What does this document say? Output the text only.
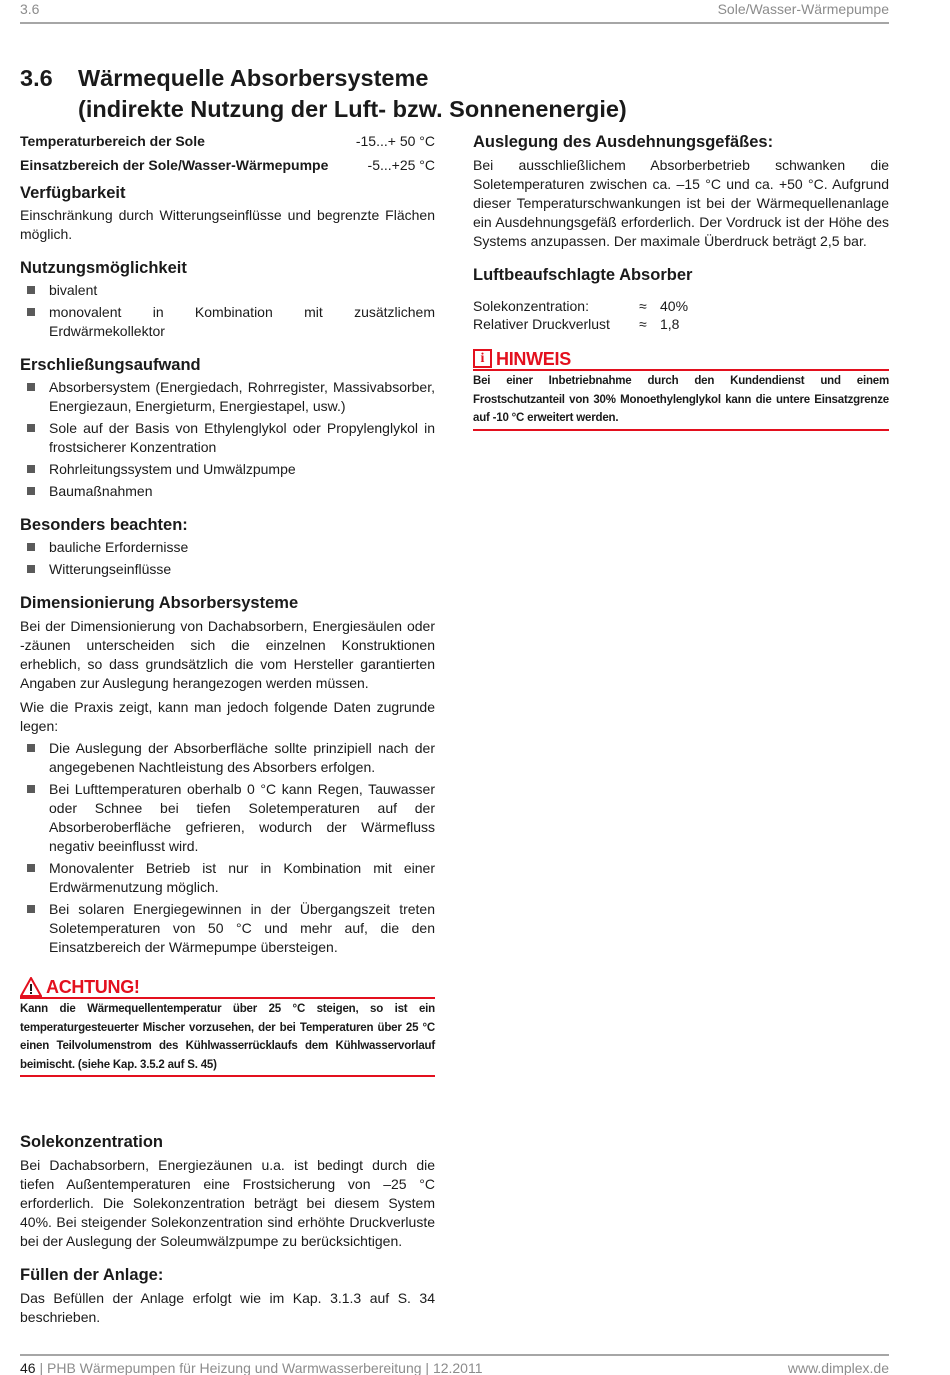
3.6	Sole/Wasser-Wärmepumpe
3.6 Wärmequelle Absorbersysteme
(indirekte Nutzung der Luft- bzw. Sonnenenergie)
Temperaturbereich der Sole	-15...+ 50 °C
Einsatzbereich der Sole/Wasser-Wärmepumpe	-5...+25 °C
Verfügbarkeit

Einschränkung durch Witterungseinflüsse und begrenzte Flächen möglich.

Nutzungsmöglichkeit
bivalent
monovalent in Kombination mit zusätzlichem Erdwärmekollektor
Erschließungsaufwand
Absorbersystem (Energiedach, Rohrregister, Massivabsorber, Energiezaun, Energieturm, Energiestapel, usw.)
Sole auf der Basis von Ethylenglykol oder Propylenglykol in frostsicherer Konzentration
Rohrleitungssystem und Umwälzpumpe
Baumaßnahmen
Besonders beachten:
bauliche Erfordernisse
Witterungseinflüsse
Dimensionierung Absorbersysteme

Bei der Dimensionierung von Dachabsorbern, Energiesäulen oder -zäunen unterscheiden sich die einzelnen Konstruktionen erheblich, so dass grundsätzlich die vom Hersteller garantierten Angaben zur Auslegung herangezogen werden müssen.

Wie die Praxis zeigt, kann man jedoch folgende Daten zugrunde legen:

Die Auslegung der Absorberfläche sollte prinzipiell nach der angegebenen Nachtleistung des Absorbers erfolgen.
Bei Lufttemperaturen oberhalb 0 °C kann Regen, Tauwasser oder Schnee bei tiefen Soletemperaturen auf der Absorberoberfläche gefrieren, wodurch der Wärmefluss negativ beeinflusst wird.
Monovalenter Betrieb ist nur in Kombination mit einer Erdwärmenutzung möglich.
Bei solaren Energiegewinnen in der Übergangszeit treten Soletemperaturen von 50 °C und mehr auf, die den Einsatzbereich der Wärmepumpe übersteigen.
ACHTUNG!
Kann die Wärmequellentemperatur über 25 °C steigen, so ist ein temperaturgesteuerter Mischer vorzusehen, der bei Temperaturen über 25 °C einen Teilvolumenstrom des Kühlwasserrücklaufs dem Kühlwasservorlauf beimischt. (siehe Kap. 3.5.2 auf S. 45)
Solekonzentration

Bei Dachabsorbern, Energiezäunen u.a. ist bedingt durch die tiefen Außentemperaturen eine Frostsicherung von –25 °C erforderlich. Die Solekonzentration beträgt bei diesem System 40%. Bei steigender Solekonzentration sind erhöhte Druckverluste bei der Auslegung der Soleumwälzpumpe zu berücksichtigen.

Füllen der Anlage:

Das Befüllen der Anlage erfolgt wie im Kap. 3.1.3 auf S. 34 beschrieben.

Auslegung des Ausdehnungsgefäßes:

Bei ausschließlichem Absorberbetrieb schwanken die Soletemperaturen zwischen ca. –15 °C und ca. +50 °C. Aufgrund dieser Temperaturschwankungen ist bei der Wärmequellenanlage ein Ausdehnungsgefäß erforderlich. Der Vordruck ist der Höhe des Systems anzupassen. Der maximale Überdruck beträgt 2,5 bar.

Luftbeaufschlagte Absorber
Solekonzentration:	≈ 40%
Relativer Druckverlust	≈ 1,8
i HINWEIS
Bei einer Inbetriebnahme durch den Kundendienst und einem Frostschutzanteil von 30% Monoethylenglykol kann die untere Einsatzgrenze auf -10 °C erweitert werden.
46 | PHB Wärmepumpen für Heizung und Warmwasserbereitung | 12.2011	www.dimplex.de
